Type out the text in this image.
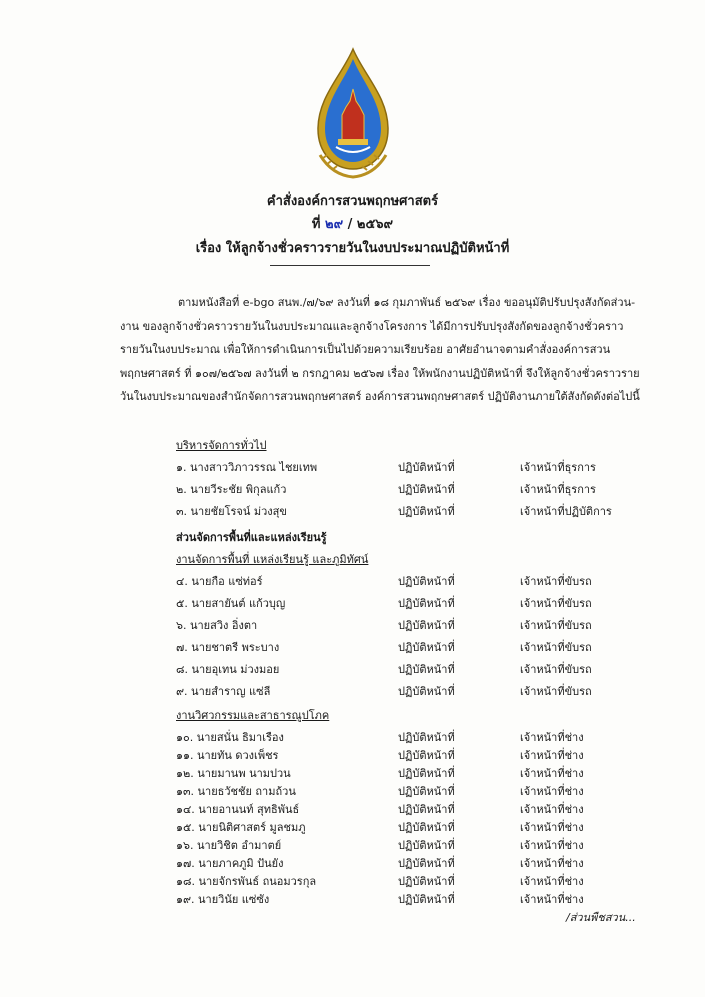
คำสั่งองค์การสวนพฤกษศาสตร์
ที่ ๒๙ / ๒๕๖๙
เรื่อง ให้ลูกจ้างชั่วคราวรายวันในงบประมาณปฏิบัติหน้าที่
ตามหนังสือที่ e-bgo สนพ./๗/๖๙ ลงวันที่ ๑๘ กุมภาพันธ์ ๒๕๖๙ เรื่อง ขออนุมัติปรับปรุงสังกัดส่วน-งาน ของลูกจ้างชั่วคราวรายวันในงบประมาณและลูกจ้างโครงการ ได้มีการปรับปรุงสังกัดของลูกจ้างชั่วคราวรายวันในงบประมาณ เพื่อให้การดำเนินการเป็นไปด้วยความเรียบร้อย อาศัยอำนาจตามคำสั่งองค์การสวนพฤกษศาสตร์ ที่ ๑๐๗/๒๕๖๗ ลงวันที่ ๒ กรกฎาคม ๒๕๖๗ เรื่อง ให้พนักงานปฏิบัติหน้าที่ จึงให้ลูกจ้างชั่วคราวรายวันในงบประมาณของสำนักจัดการสวนพฤกษศาสตร์ องค์การสวนพฤกษศาสตร์ ปฏิบัติงานภายใต้สังกัดดังต่อไปนี้
บริหารจัดการทั่วไป
๑. นางสาววิภาวรรณ ไชยเทพ	ปฏิบัติหน้าที่	เจ้าหน้าที่ธุรการ
๒. นายวีระชัย พิกุลแก้ว	ปฏิบัติหน้าที่	เจ้าหน้าที่ธุรการ
๓. นายชัยโรจน์ ม่วงสุข	ปฏิบัติหน้าที่	เจ้าหน้าที่ปฏิบัติการ
ส่วนจัดการพื้นที่และแหล่งเรียนรู้
งานจัดการพื้นที่ แหล่งเรียนรู้ และภูมิทัศน์
๔. นายกือ แซ่ท่อร์	ปฏิบัติหน้าที่	เจ้าหน้าที่ขับรถ
๕. นายสายันต์ แก้วบุญ	ปฏิบัติหน้าที่	เจ้าหน้าที่ขับรถ
๖. นายสวิง อิ่งตา	ปฏิบัติหน้าที่	เจ้าหน้าที่ขับรถ
๗. นายชาตรี พระบาง	ปฏิบัติหน้าที่	เจ้าหน้าที่ขับรถ
๘. นายอุเทน ม่วงมอย	ปฏิบัติหน้าที่	เจ้าหน้าที่ขับรถ
๙. นายสำราญ แซ่ลี	ปฏิบัติหน้าที่	เจ้าหน้าที่ขับรถ
งานวิศวกรรมและสาธารณูปโภค
๑๐. นายสนั่น ธิมาเรือง	ปฏิบัติหน้าที่	เจ้าหน้าที่ช่าง
๑๑. นายทัน ดวงเพ็ชร	ปฏิบัติหน้าที่	เจ้าหน้าที่ช่าง
๑๒. นายมานพ นามปวน	ปฏิบัติหน้าที่	เจ้าหน้าที่ช่าง
๑๓. นายธวัชชัย ถามถ้วน	ปฏิบัติหน้าที่	เจ้าหน้าที่ช่าง
๑๔. นายอานนท์ สุทธิพันธ์	ปฏิบัติหน้าที่	เจ้าหน้าที่ช่าง
๑๕. นายนิติศาสตร์ มูลชมภู	ปฏิบัติหน้าที่	เจ้าหน้าที่ช่าง
๑๖. นายวิชิต อำมาตย์	ปฏิบัติหน้าที่	เจ้าหน้าที่ช่าง
๑๗. นายภาคภูมิ ปันยัง	ปฏิบัติหน้าที่	เจ้าหน้าที่ช่าง
๑๘. นายจักรพันธ์ ถนอมวรกุล	ปฏิบัติหน้าที่	เจ้าหน้าที่ช่าง
๑๙. นายวินัย แซ่ซัง	ปฏิบัติหน้าที่	เจ้าหน้าที่ช่าง
/ส่วนพืชสวน...
